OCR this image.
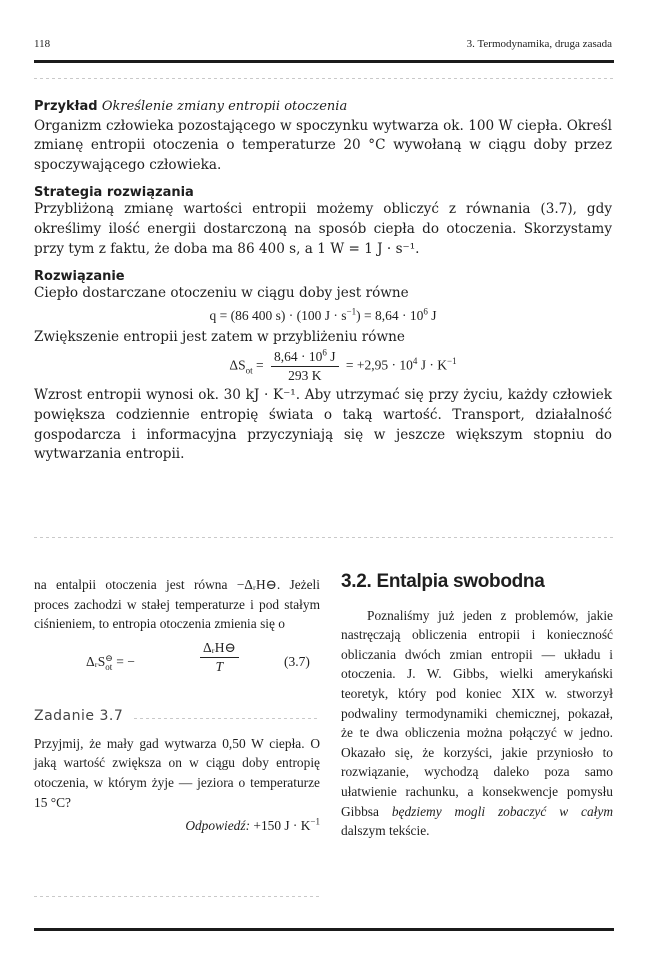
118	3. Termodynamika, druga zasada
Przykład Określenie zmiany entropii otoczenia
Organizm człowieka pozostającego w spoczynku wytwarza ok. 100 W ciepła. Określ zmianę entropii otoczenia o temperaturze 20 °C wywołaną w ciągu doby przez spoczywającego człowieka.
Strategia rozwiązania
Przybliżoną zmianę wartości entropii możemy obliczyć z równania (3.7), gdy określimy ilość energii dostarczoną na sposób ciepła do otoczenia. Skorzystamy przy tym z faktu, że doba ma 86 400 s, a 1 W = 1 J · s⁻¹.
Rozwiązanie
Ciepło dostarczane otoczeniu w ciągu doby jest równe
q = (86 400 s) · (100 $J \cdot s^{-1}) = 8,64 \cdot 10^6$ J
Zwiększenie entropii jest zatem w przybliżeniu równe
$\Delta S_{ot} = \frac{8,64 \cdot 10^6 J}{293 K} = +2,95 \cdot 10^4$ $J \cdot K^{-1}$
Wzrost entropii wynosi ok. 30 kJ · K⁻¹. Aby utrzymać się przy życiu, każdy człowiek powiększa codziennie entropię świata o taką wartość. Transport, działalność gospodarcza i informacyjna przyczyniają się w jeszcze większym stopniu do wytwarzania entropii.

na entalpii otoczenia jest równa −ΔᵣH⊖. Jeżeli proces zachodzi w stałej temperaturze i pod stałym ciśnieniem, to entropia otoczenia zmienia się o

ΔᵣS ⊖
ot = −	$\frac{\text{ΔᵣH⊖}}{T}$	(3.7)
Zadanie 3.7

Przyjmij, że mały gad wytwarza 0,50 W ciepła. O jaką wartość zwiększa on w ciągu doby entropię otoczenia, w którym żyje — jeziora o temperaturze 15 °C?

Odpowiedź: +150 $J \cdot K^{-1}$

3.2. Entalpia swobodna

Poznaliśmy już jeden z problemów, jakie nastręczają obliczenia entropii i konieczność obliczania dwóch zmian entropii — układu i otoczenia. J. W. Gibbs, wielki amerykański teoretyk, który pod koniec XIX w. stworzył podwaliny termodynamiki chemicznej, pokazał, że te dwa obliczenia można połączyć w jedno. Okazało się, że korzyści, jakie przyniosło to rozwiązanie, wychodzą daleko poza samo ułatwienie rachunku, a konsekwencje pomysłu Gibbsa będziemy mogli zobaczyć w całym dalszym tekście.
